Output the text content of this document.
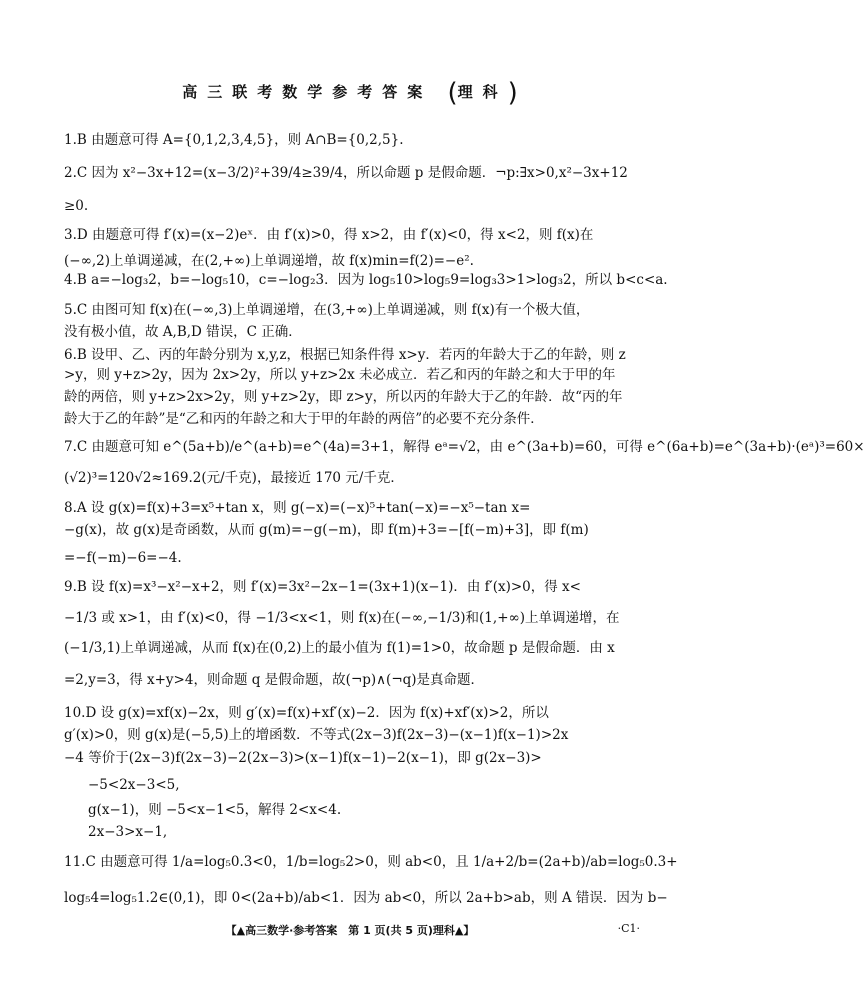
高三联考数学参考答案 (理科)
1.B 由题意可得 A={0,1,2,3,4,5}，则 A∩B={0,2,5}.
2.C 因为 x²−3x+12=(x−3/2)²+39/4≥39/4，所以命题 p 是假命题．¬p:∃x>0,x²−3x+12
≥0.
3.D 由题意可得 f′(x)=(x−2)eˣ．由 f′(x)>0，得 x>2，由 f′(x)<0，得 x<2，则 f(x)在
(−∞,2)上单调递减，在(2,+∞)上单调递增，故 f(x)min=f(2)=−e².
4.B a=−log₃2，b=−log₅10，c=−log₂3．因为 log₅10>log₅9=log₃3>1>log₃2，所以 b<c<a.
5.C 由图可知 f(x)在(−∞,3)上单调递增，在(3,+∞)上单调递减，则 f(x)有一个极大值，
没有极小值，故 A,B,D 错误，C 正确．
6.B 设甲、乙、丙的年龄分别为 x,y,z，根据已知条件得 x>y．若丙的年龄大于乙的年龄，则 z
>y，则 y+z>2y，因为 2x>2y，所以 y+z>2x 未必成立．若乙和丙的年龄之和大于甲的年
龄的两倍，则 y+z>2x>2y，则 y+z>2y，即 z>y，所以丙的年龄大于乙的年龄．故“丙的年
龄大于乙的年龄”是“乙和丙的年龄之和大于甲的年龄的两倍”的必要不充分条件．
7.C 由题意可知 e^(5a+b)/e^(a+b)=e^(4a)=3+1，解得 eᵃ=√2，由 e^(3a+b)=60，可得 e^(6a+b)=e^(3a+b)·(eᵃ)³=60×
(√2)³=120√2≈169.2(元/千克)，最接近 170 元/千克．
8.A 设 g(x)=f(x)+3=x⁵+tan x，则 g(−x)=(−x)⁵+tan(−x)=−x⁵−tan x=
−g(x)，故 g(x)是奇函数，从而 g(m)=−g(−m)，即 f(m)+3=−[f(−m)+3]，即 f(m)
=−f(−m)−6=−4.
9.B 设 f(x)=x³−x²−x+2，则 f′(x)=3x²−2x−1=(3x+1)(x−1)．由 f′(x)>0，得 x<
−1/3 或 x>1，由 f′(x)<0，得 −1/3<x<1，则 f(x)在(−∞,−1/3)和(1,+∞)上单调递增，在
(−1/3,1)上单调递减，从而 f(x)在(0,2)上的最小值为 f(1)=1>0，故命题 p 是假命题．由 x
=2,y=3，得 x+y>4，则命题 q 是假命题，故(¬p)∧(¬q)是真命题．
10.D 设 g(x)=xf(x)−2x，则 g′(x)=f(x)+xf′(x)−2．因为 f(x)+xf′(x)>2，所以
g′(x)>0，则 g(x)是(−5,5)上的增函数．不等式(2x−3)f(2x−3)−(x−1)f(x−1)>2x
−4 等价于(2x−3)f(2x−3)−2(2x−3)>(x−1)f(x−1)−2(x−1)，即 g(2x−3)>
−5<2x−3<5,
g(x−1)，则 −5<x−1<5，解得 2<x<4.
2x−3>x−1,
11.C 由题意可得 1/a=log₅0.3<0，1/b=log₅2>0，则 ab<0，且 1/a+2/b=(2a+b)/ab=log₅0.3+
log₅4=log₅1.2∈(0,1)，即 0<(2a+b)/ab<1．因为 ab<0，所以 2a+b>ab，则 A 错误．因为 b−
【▲高三数学·参考答案　第 1 页(共 5 页)理科▲】	·C1·
